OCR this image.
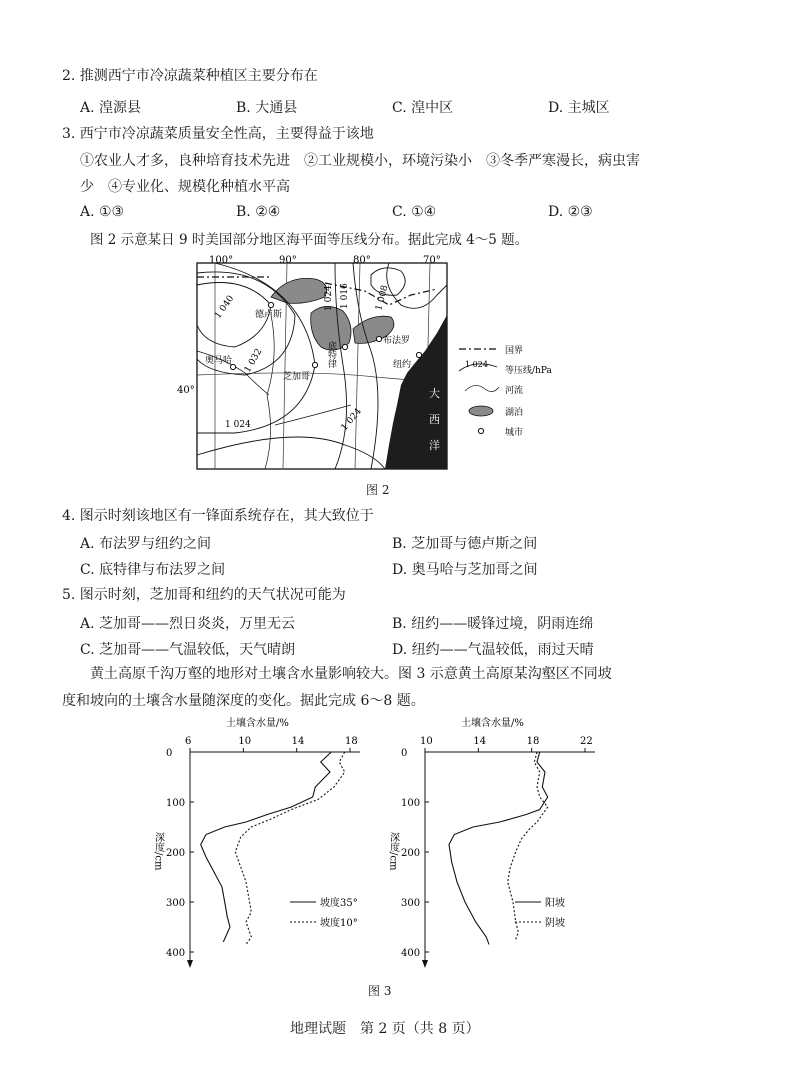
2. 推测西宁市冷凉蔬菜种植区主要分布在
A. 湟源县	B. 大通县	C. 湟中区	D. 主城区
3. 西宁市冷凉蔬菜质量安全性高，主要得益于该地
①农业人才多，良种培育技术先进　②工业规模小，环境污染小　③冬季严寒漫长，病虫害
少　④专业化、规模化种植水平高
A. ①③	B. ②④	C. ①④	D. ②③
图 2 示意某日 9 时美国部分地区海平面等压线分布。据此完成 4～5 题。
100°	90°	80°	70°
40°	大
西
洋
1 040
1 032
1 024
1 024 1 016	1 008
1 024
德卢斯
奥马哈
芝加哥
底特律	布法罗
纽约
国界
1 024
等压线/hPa
河流
湖泊
城市
图 2
4. 图示时刻该地区有一锋面系统存在，其大致位于
A. 布法罗与纽约之间	B. 芝加哥与德卢斯之间
C. 底特律与布法罗之间	D. 奥马哈与芝加哥之间
5. 图示时刻，芝加哥和纽约的天气状况可能为
A. 芝加哥——烈日炎炎，万里无云	B. 纽约——暖锋过境，阴雨连绵
C. 芝加哥——气温较低，天气晴朗	D. 纽约——气温较低，雨过天晴
黄土高原千沟万壑的地形对土壤含水量影响较大。图 3 示意黄土高原某沟壑区不同坡
度和坡向的土壤含水量随深度的变化。据此完成 6～8 题。
土壤含水量/%
6	10	14	18
0
100
200
300
400
深度/cm
坡度35°
坡度10°
土壤含水量/%
10	14	18	22
0
100
200
300
400
深度/cm
阳坡
阴坡
图 3
地理试题　第 2 页（共 8 页）
